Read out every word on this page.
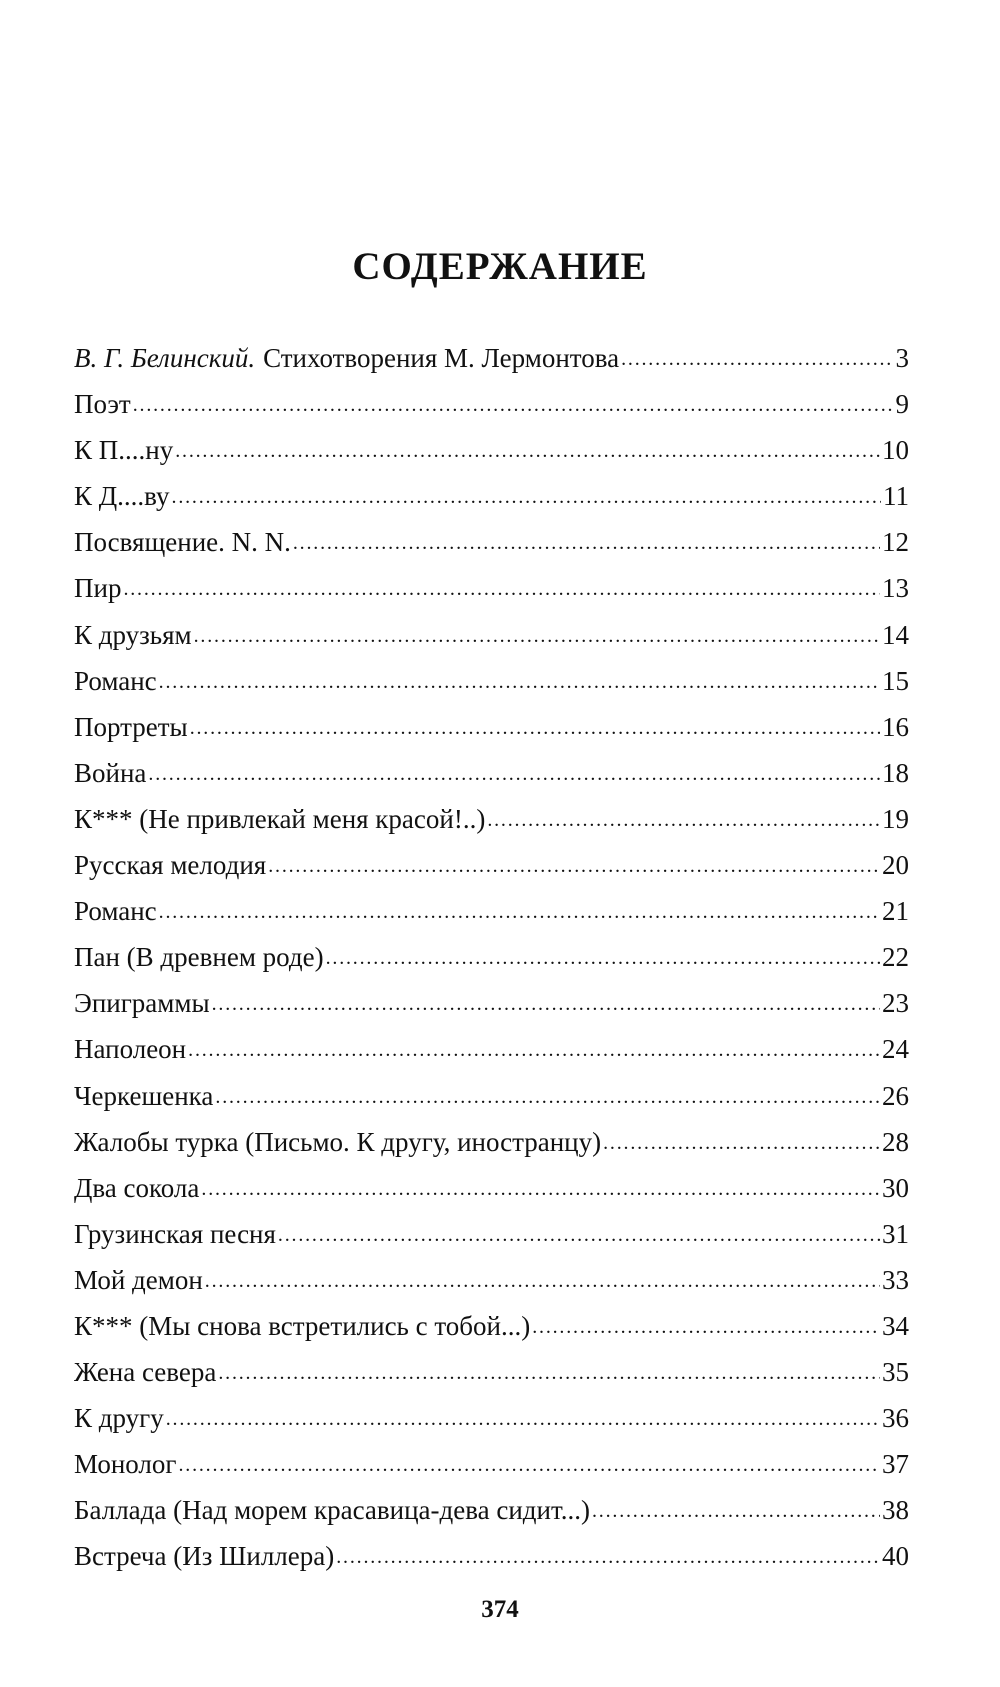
СОДЕРЖАНИЕ
В. Г. Белинский. Стихотворения М. Лермонтова . . .	3
Поэт . . .	9
К П....ну . . .	10
К Д....ву . . .	11
Посвящение. N. N. . . .	12
Пир . . .	13
К друзьям . . .	14
Романс . . .	15
Портреты . . .	16
Война . . .	18
К*** (Не привлекай меня красой!..) . . .	19
Русская мелодия . . .	20
Романс . . .	21
Пан (В древнем роде) . . .	22
Эпиграммы . . .	23
Наполеон . . .	24
Черкешенка . . .	26
Жалобы турка (Письмо. К другу, иностранцу) . . .	28
Два сокола . . .	30
Грузинская песня . . .	31
Мой демон . . .	33
К*** (Мы снова встретились с тобой...) . . .	34
Жена севера . . .	35
К другу . . .	36
Монолог . . .	37
Баллада (Над морем красавица-дева сидит...) . . .	38
Встреча (Из Шиллера) . . .	40
374
